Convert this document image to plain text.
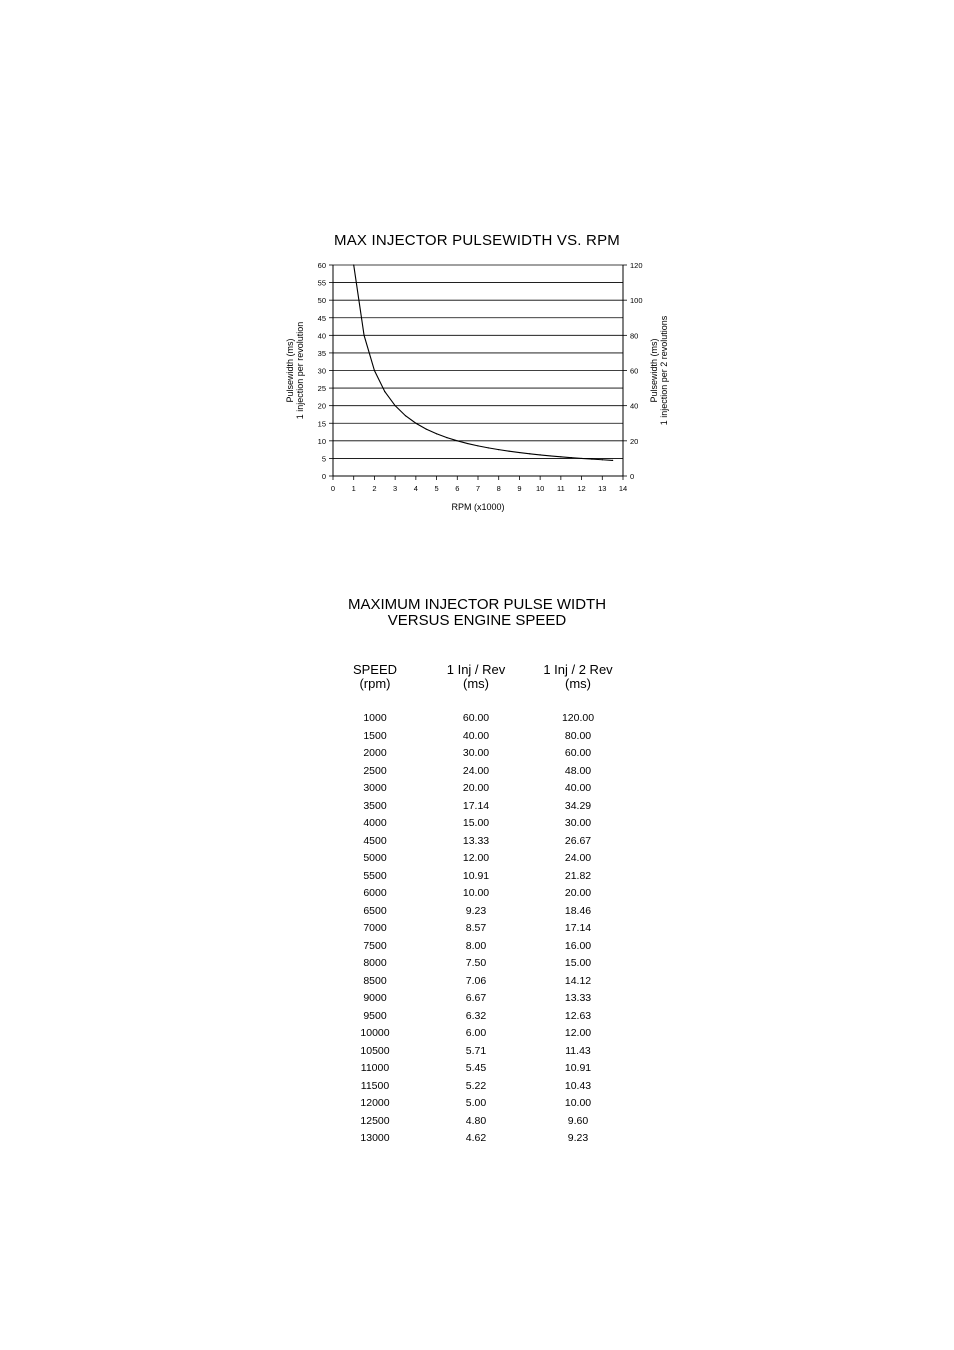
MAX INJECTOR PULSEWIDTH VS. RPM
0
5
10
15
20
25
30
35
40
45
50
55
60
0
20
40
60
80
100
120
0 1 2 3 4 5 6 7 8 9 10 11 12 13 14
RPM (x1000)
Pulsewidth (ms) 1 injection per revolution	Pulsewidth (ms) 1 injection per 2 revolutions
MAXIMUM INJECTOR PULSE WIDTH
VERSUS ENGINE SPEED
SPEED
(rpm)
1 Inj / Rev
(ms)
1 Inj / 2 Rev
(ms)
1000	60.00	120.00
1500	40.00	80.00
2000	30.00	60.00
2500	24.00	48.00
3000	20.00	40.00
3500	17.14	34.29
4000	15.00	30.00
4500	13.33	26.67
5000	12.00	24.00
5500	10.91	21.82
6000	10.00	20.00
6500	9.23	18.46
7000	8.57	17.14
7500	8.00	16.00
8000	7.50	15.00
8500	7.06	14.12
9000	6.67	13.33
9500	6.32	12.63
10000	6.00	12.00
10500	5.71	11.43
11000	5.45	10.91
11500	5.22	10.43
12000	5.00	10.00
12500	4.80	9.60
13000	4.62	9.23
